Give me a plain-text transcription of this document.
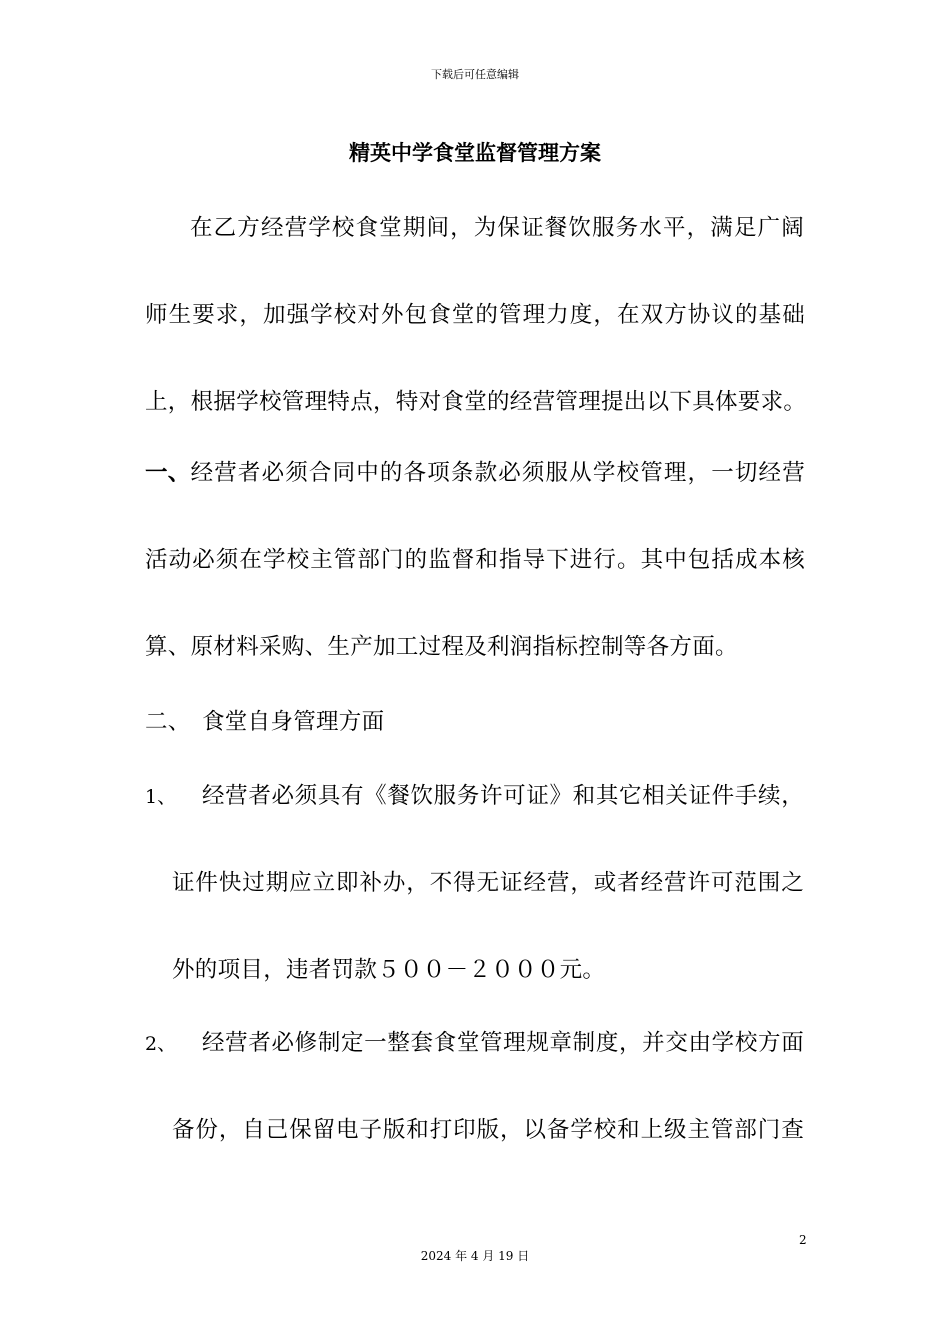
下载后可任意编辑
精英中学食堂监督管理方案
在乙方经营学校食堂期间，为保证餐饮服务水平，满足广阔
师生要求，加强学校对外包食堂的管理力度，在双方协议的基础
上，根据学校管理特点，特对食堂的经营管理提出以下具体要求。
一、 经营者必须合同中的各项条款必须服从学校管理，一切经营
活动必须在学校主管部门的监督和指导下进行。其中包括成本核
算、原材料采购、生产加工过程及利润指标控制等各方面。
二、 食堂自身管理方面
1、 经营者必须具有《餐饮服务许可证》和其它相关证件手续，
证件快过期应立即补办，不得无证经营，或者经营许可范围之
外的项目，违者罚款５００－２０００元。
2、 经营者必修制定一整套食堂管理规章制度，并交由学校方面
备份，自己保留电子版和打印版，以备学校和上级主管部门查
2
2024 年 4 月 19 日
